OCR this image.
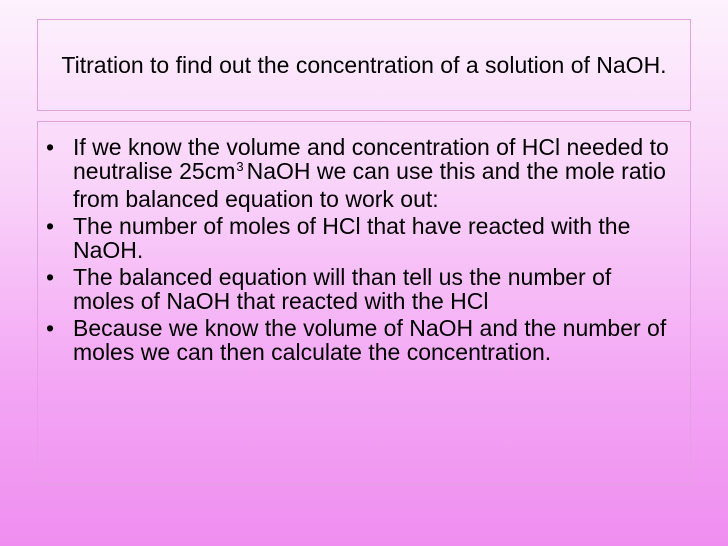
Titration to find out the concentration of a solution of NaOH.
• If we know the volume and concentration of HCl needed to neutralise $25cm^3$ NaOH we can use this and the mole ratio from balanced equation to work out:
• The number of moles of HCl that have reacted with the NaOH.
• The balanced equation will than tell us the number of moles of NaOH that reacted with the HCl
• Because we know the volume of NaOH and the number of moles we can then calculate the concentration.
